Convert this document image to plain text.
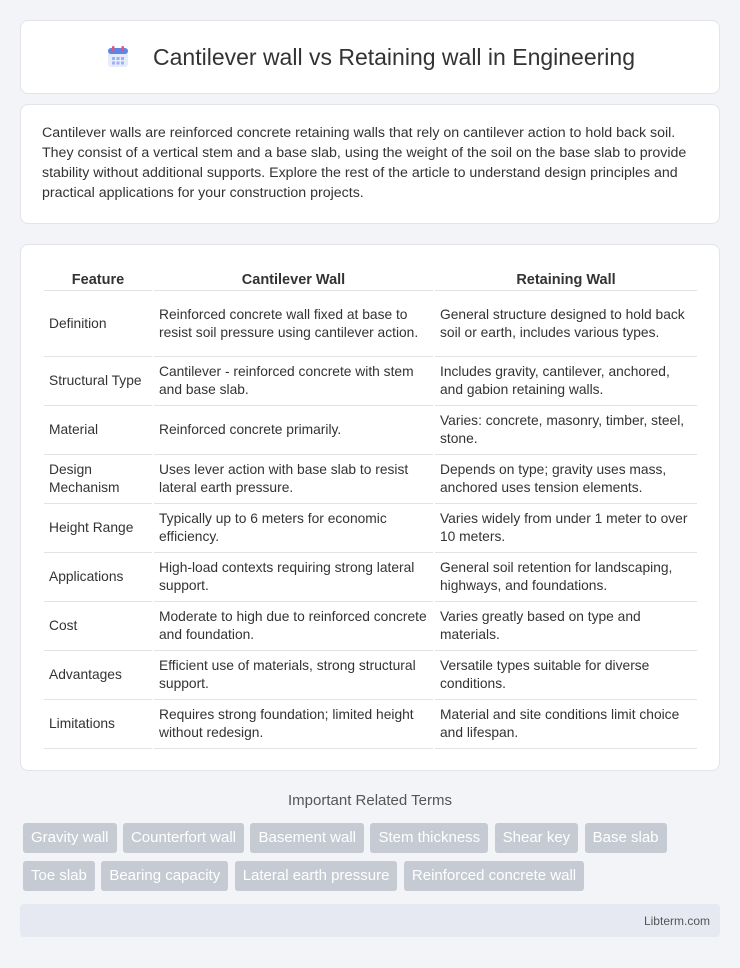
Cantilever wall vs Retaining wall in Engineering

Cantilever walls are reinforced concrete retaining walls that rely on cantilever action to hold back soil. They consist of a vertical stem and a base slab, using the weight of the soil on the base slab to provide stability without additional supports. Explore the rest of the article to understand design principles and practical applications for your construction projects.

Feature	Cantilever Wall	Retaining Wall
Definition	Reinforced concrete wall fixed at base to resist soil pressure using cantilever action.	General structure designed to hold back soil or earth, includes various types.
Structural Type	Cantilever - reinforced concrete with stem and base slab.	Includes gravity, cantilever, anchored, and gabion retaining walls.
Material	Reinforced concrete primarily.	Varies: concrete, masonry, timber, steel, stone.
Design Mechanism	Uses lever action with base slab to resist lateral earth pressure.	Depends on type; gravity uses mass, anchored uses tension elements.
Height Range	Typically up to 6 meters for economic efficiency.	Varies widely from under 1 meter to over 10 meters.
Applications	High-load contexts requiring strong lateral support.	General soil retention for landscaping, highways, and foundations.
Cost	Moderate to high due to reinforced concrete and foundation.	Varies greatly based on type and materials.
Advantages	Efficient use of materials, strong structural support.	Versatile types suitable for diverse conditions.
Limitations	Requires strong foundation; limited height without redesign.	Material and site conditions limit choice and lifespan.
Important Related Terms
Gravity wall Counterfort wall Basement wall Stem thickness Shear key Base slab Toe slab Bearing capacity Lateral earth pressure Reinforced concrete wall
Libterm.com
